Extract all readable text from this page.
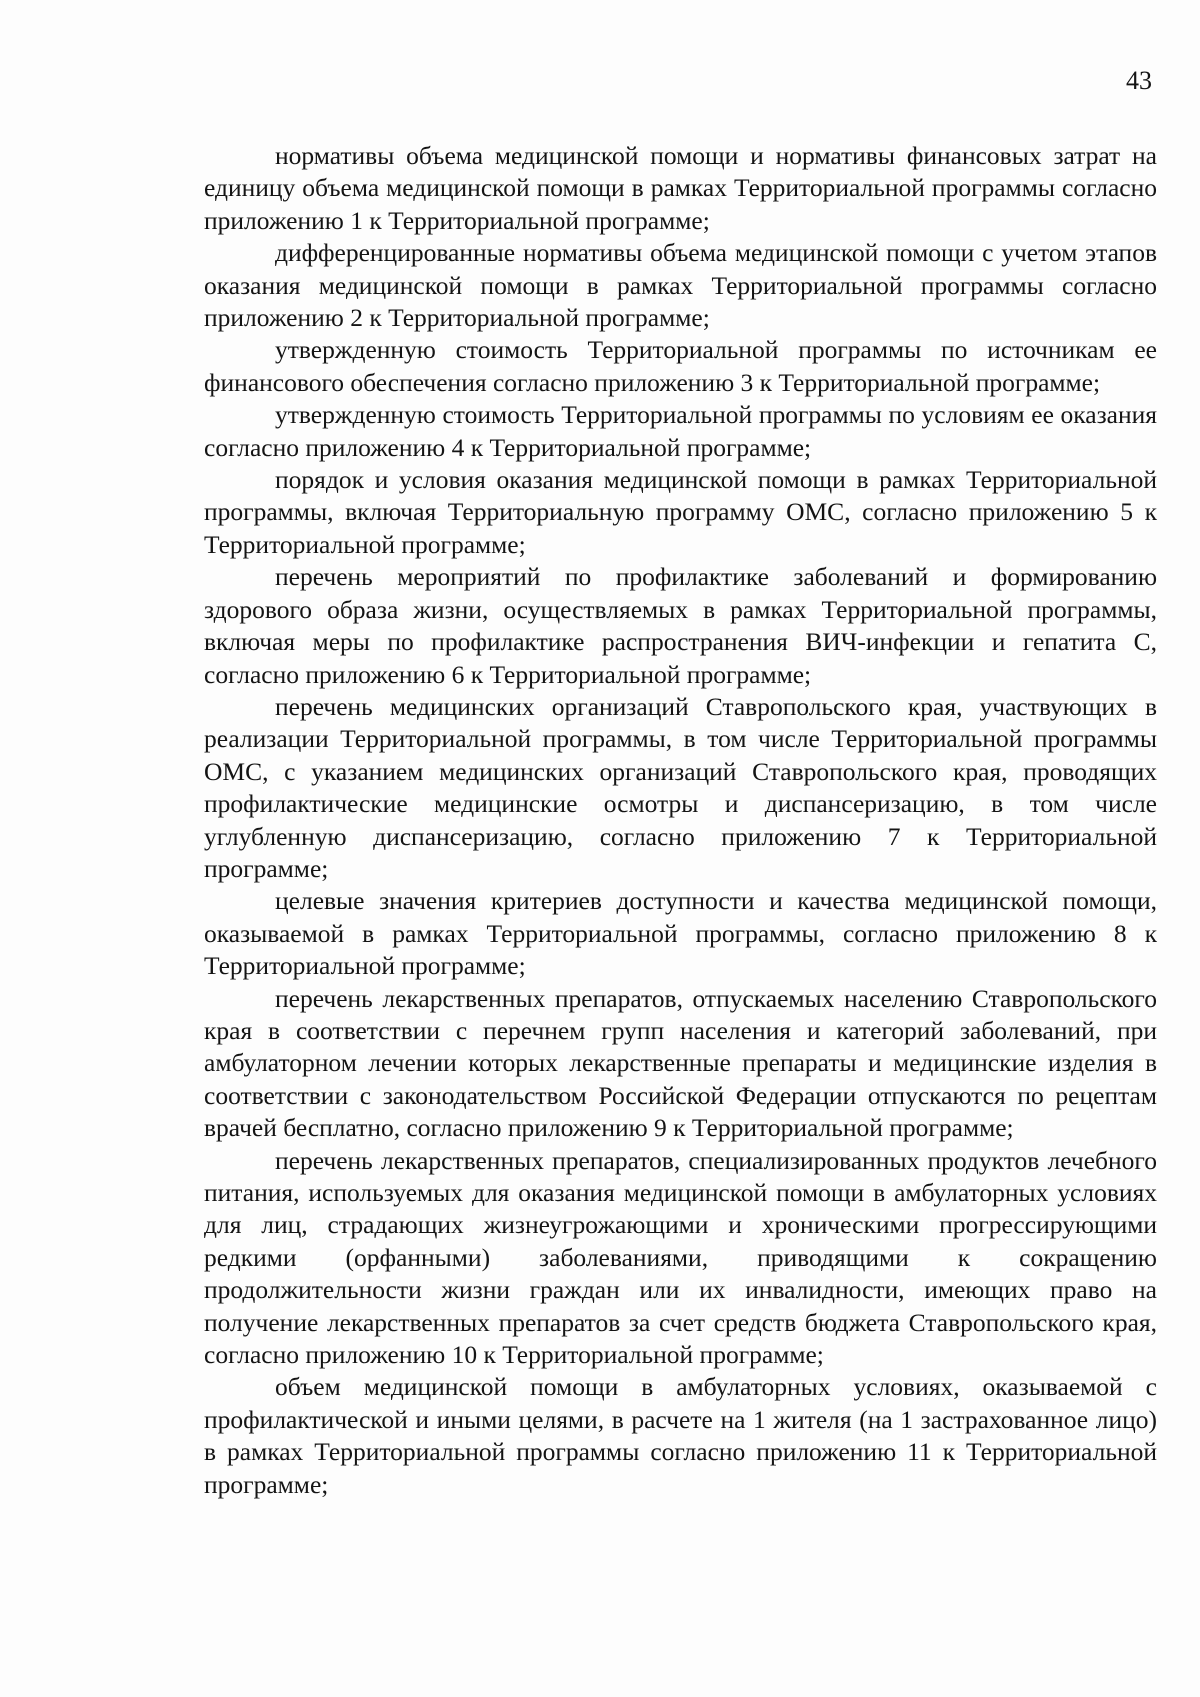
43

нормативы объема медицинской помощи и нормативы финансовых затрат на единицу объема медицинской помощи в рамках Территориальной программы согласно приложению 1 к Территориальной программе;

дифференцированные нормативы объема медицинской помощи с учетом этапов оказания медицинской помощи в рамках Территориальной программы согласно приложению 2 к Территориальной программе;

утвержденную стоимость Территориальной программы по источникам ее финансового обеспечения согласно приложению 3 к Территориальной программе;

утвержденную стоимость Территориальной программы по условиям ее оказания согласно приложению 4 к Территориальной программе;

порядок и условия оказания медицинской помощи в рамках Территориальной программы, включая Территориальную программу ОМС, согласно приложению 5 к Территориальной программе;

перечень мероприятий по профилактике заболеваний и формированию здорового образа жизни, осуществляемых в рамках Территориальной программы, включая меры по профилактике распространения ВИЧ-инфекции и гепатита С, согласно приложению 6 к Территориальной программе;

перечень медицинских организаций Ставропольского края, участвующих в реализации Территориальной программы, в том числе Территориальной программы ОМС, с указанием медицинских организаций Ставропольского края, проводящих профилактические медицинские осмотры и диспансеризацию, в том числе углубленную диспансеризацию, согласно приложению 7 к Территориальной программе;

целевые значения критериев доступности и качества медицинской помощи, оказываемой в рамках Территориальной программы, согласно приложению 8 к Территориальной программе;

перечень лекарственных препаратов, отпускаемых населению Ставропольского края в соответствии с перечнем групп населения и категорий заболеваний, при амбулаторном лечении которых лекарственные препараты и медицинские изделия в соответствии с законодательством Российской Федерации отпускаются по рецептам врачей бесплатно, согласно приложению 9 к Территориальной программе;

перечень лекарственных препаратов, специализированных продуктов лечебного питания, используемых для оказания медицинской помощи в амбулаторных условиях для лиц, страдающих жизнеугрожающими и хроническими прогрессирующими редкими (орфанными) заболеваниями, приводящими к сокращению продолжительности жизни граждан или их инвалидности, имеющих право на получение лекарственных препаратов за счет средств бюджета Ставропольского края, согласно приложению 10 к Территориальной программе;

объем медицинской помощи в амбулаторных условиях, оказываемой с профилактической и иными целями, в расчете на 1 жителя (на 1 застрахованное лицо) в рамках Территориальной программы согласно приложению 11 к Территориальной программе;
